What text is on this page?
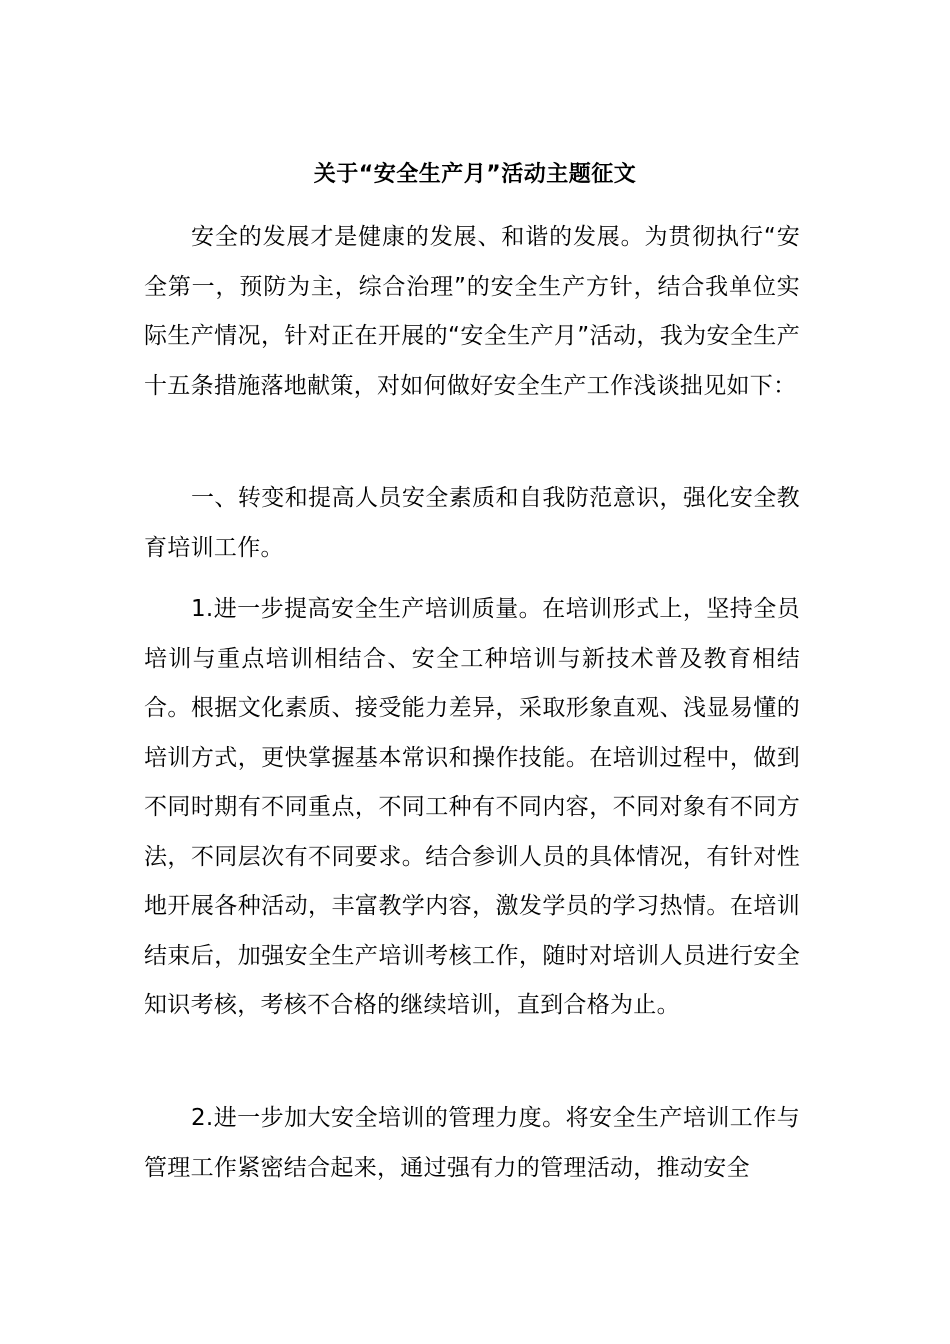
关于“安全生产月”活动主题征文

安全的发展才是健康的发展、和谐的发展。为贯彻执行“安全第一，预防为主，综合治理”的安全生产方针，结合我单位实际生产情况，针对正在开展的“安全生产月”活动，我为安全生产十五条措施落地献策，对如何做好安全生产工作浅谈拙见如下：

一、转变和提高人员安全素质和自我防范意识，强化安全教育培训工作。

1.进一步提高安全生产培训质量。在培训形式上，坚持全员培训与重点培训相结合、安全工种培训与新技术普及教育相结合。根据文化素质、接受能力差异，采取形象直观、浅显易懂的培训方式，更快掌握基本常识和操作技能。在培训过程中，做到不同时期有不同重点，不同工种有不同内容，不同对象有不同方法，不同层次有不同要求。结合参训人员的具体情况，有针对性地开展各种活动，丰富教学内容，激发学员的学习热情。在培训结束后，加强安全生产培训考核工作，随时对培训人员进行安全知识考核，考核不合格的继续培训，直到合格为止。

2.进一步加大安全培训的管理力度。将安全生产培训工作与管理工作紧密结合起来，通过强有力的管理活动，推动安全
